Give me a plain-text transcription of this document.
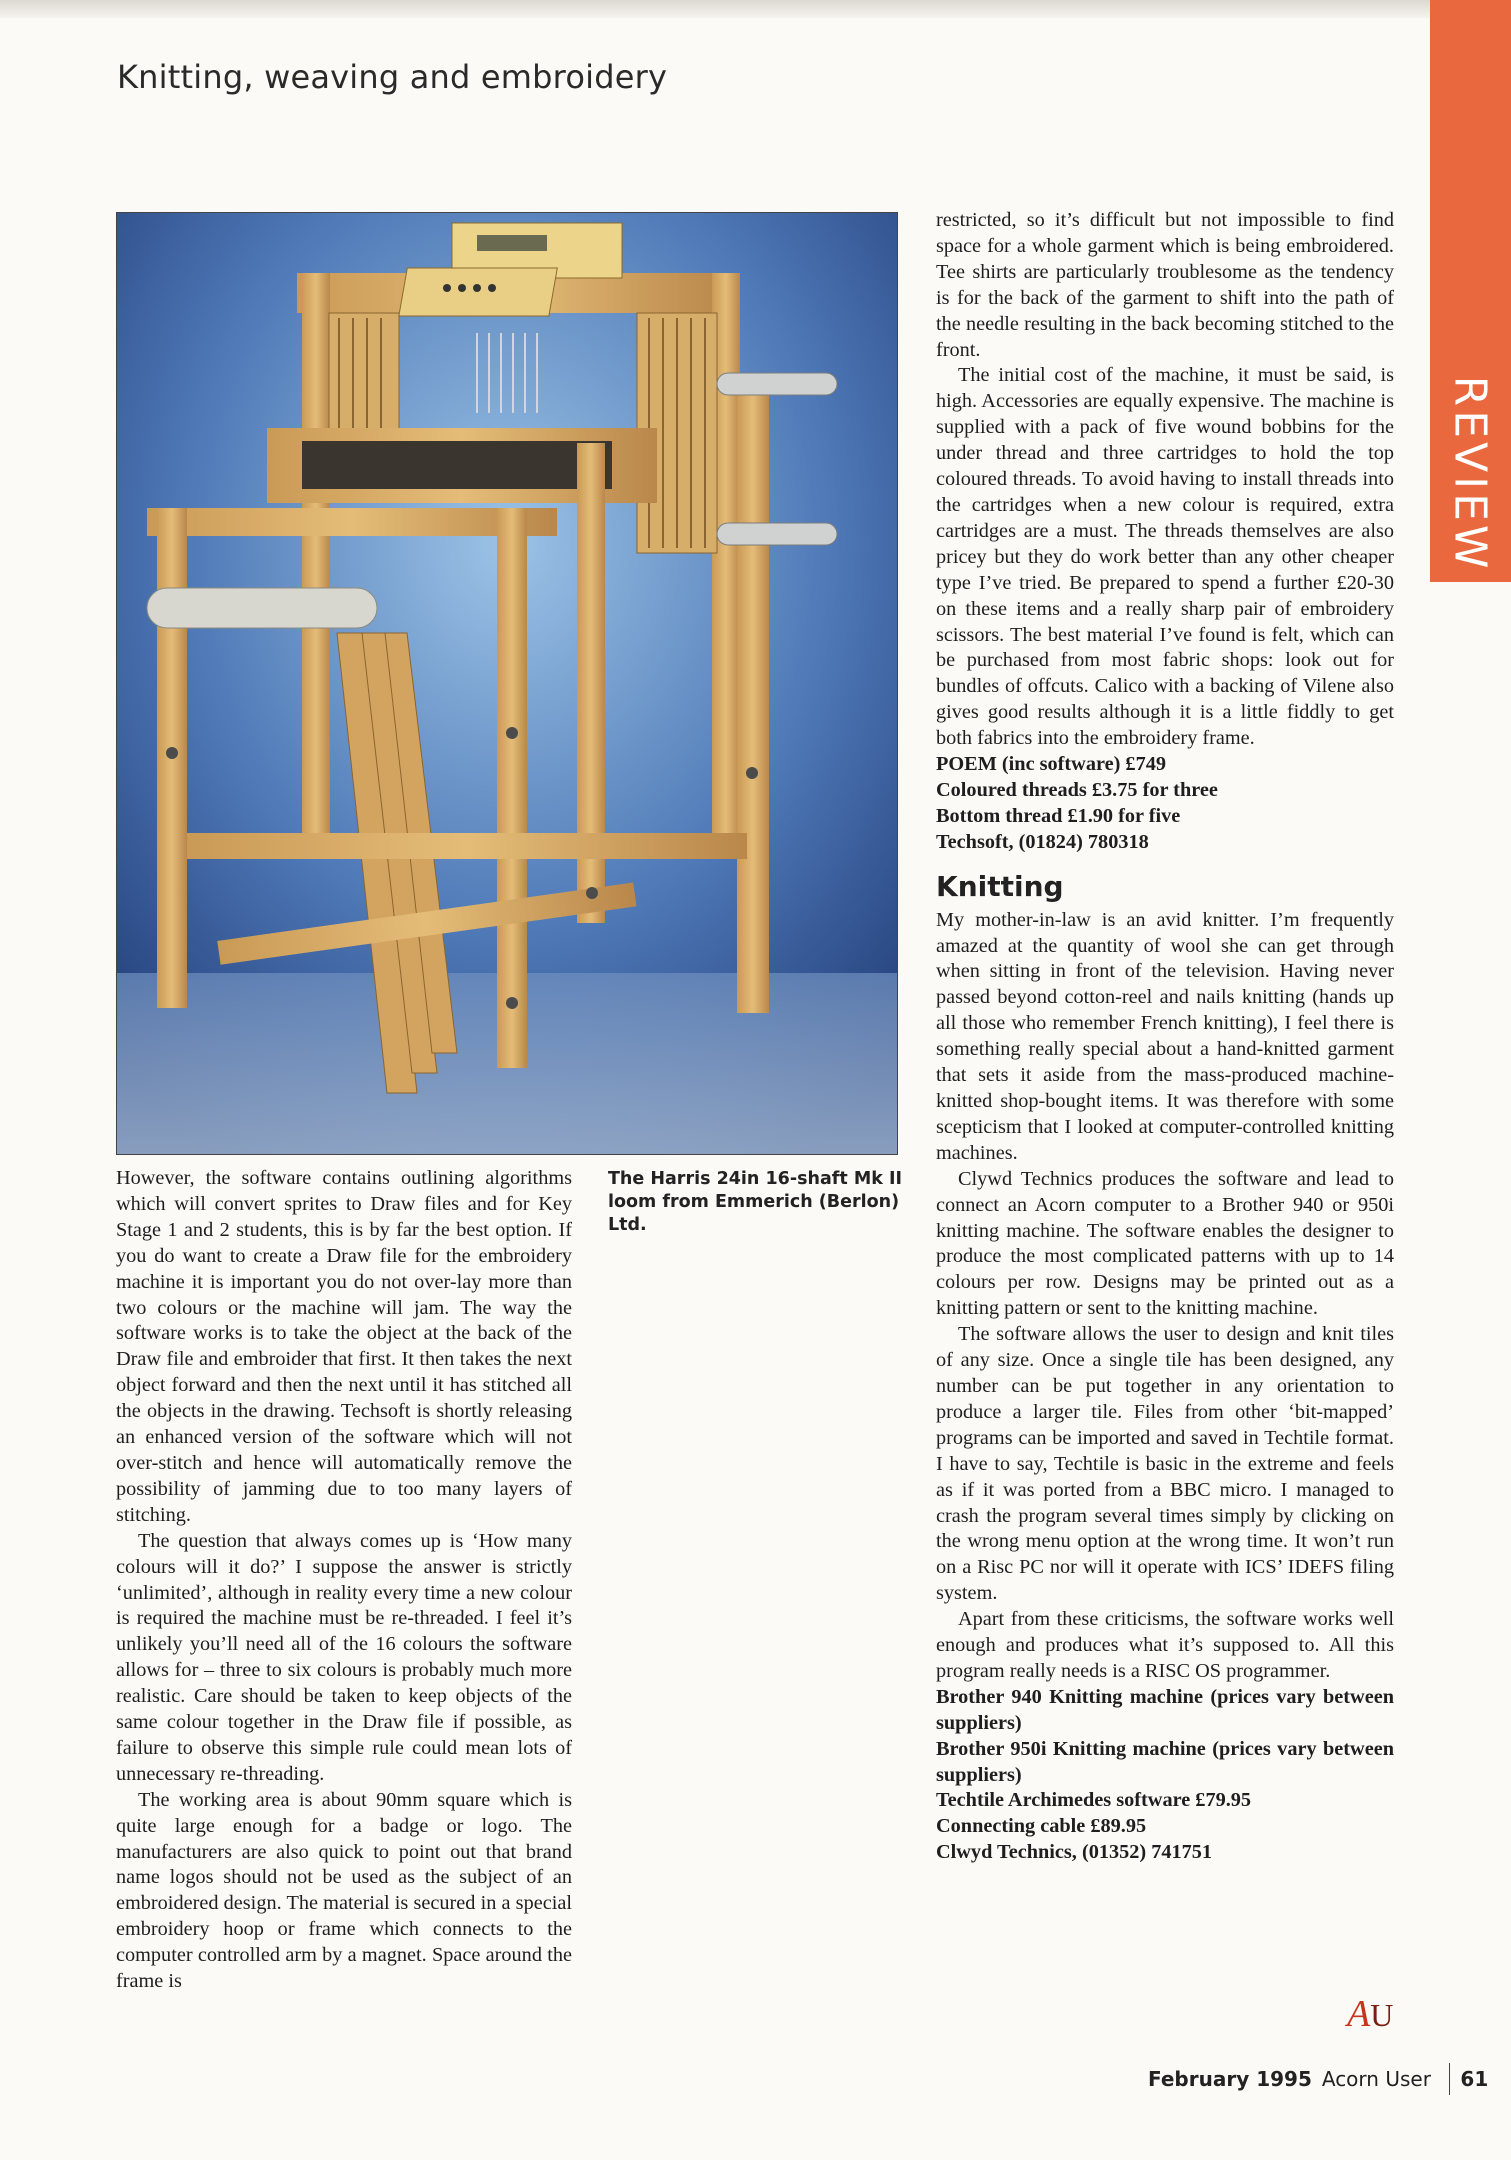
Knitting, weaving and embroidery
REVIEW
The Harris 24in 16-shaft Mk II loom from Emmerich (Berlon) Ltd.

However, the software contains outlining algorithms which will convert sprites to Draw files and for Key Stage 1 and 2 students, this is by far the best option. If you do want to create a Draw file for the embroidery machine it is important you do not over-lay more than two colours or the machine will jam. The way the software works is to take the object at the back of the Draw file and embroider that first. It then takes the next object forward and then the next until it has stitched all the objects in the drawing. Techsoft is shortly releasing an enhanced version of the software which will not over-stitch and hence will automatically remove the possibility of jamming due to too many layers of stitching.

The question that always comes up is ‘How many colours will it do?’ I suppose the answer is strictly ‘unlimited’, although in reality every time a new colour is required the machine must be re-threaded. I feel it’s unlikely you’ll need all of the 16 colours the software allows for – three to six colours is probably much more realistic. Care should be taken to keep objects of the same colour together in the Draw file if possible, as failure to observe this simple rule could mean lots of unnecessary re-threading.

The working area is about 90mm square which is quite large enough for a badge or logo. The manufacturers are also quick to point out that brand name logos should not be used as the subject of an embroidered design. The material is secured in a special embroidery hoop or frame which connects to the computer controlled arm by a magnet. Space around the frame is

restricted, so it’s difficult but not impossible to find space for a whole garment which is being embroidered. Tee shirts are particularly troublesome as the tendency is for the back of the garment to shift into the path of the needle resulting in the back becoming stitched to the front.

The initial cost of the machine, it must be said, is high. Accessories are equally expensive. The machine is supplied with a pack of five wound bobbins for the under thread and three cartridges to hold the top coloured threads. To avoid having to install threads into the cartridges when a new colour is required, extra cartridges are a must. The threads themselves are also pricey but they do work better than any other cheaper type I’ve tried. Be prepared to spend a further £20-30 on these items and a really sharp pair of embroidery scissors. The best material I’ve found is felt, which can be purchased from most fabric shops: look out for bundles of offcuts. Calico with a backing of Vilene also gives good results although it is a little fiddly to get both fabrics into the embroidery frame.

POEM (inc software) £749

Coloured threads £3.75 for three

Bottom thread £1.90 for five

Techsoft, (01824) 780318

Knitting

My mother-in-law is an avid knitter. I’m frequently amazed at the quantity of wool she can get through when sitting in front of the television. Having never passed beyond cotton-reel and nails knitting (hands up all those who remember French knitting), I feel there is something really special about a hand-knitted garment that sets it aside from the mass-produced machine-knitted shop-bought items. It was therefore with some scepticism that I looked at computer-controlled knitting machines.

Clywd Technics produces the software and lead to connect an Acorn computer to a Brother 940 or 950i knitting machine. The software enables the designer to produce the most complicated patterns with up to 14 colours per row. Designs may be printed out as a knitting pattern or sent to the knitting machine.

The software allows the user to design and knit tiles of any size. Once a single tile has been designed, any number can be put together in any orientation to produce a larger tile. Files from other ‘bit-mapped’ programs can be imported and saved in Techtile format. I have to say, Techtile is basic in the extreme and feels as if it was ported from a BBC micro. I managed to crash the program several times simply by clicking on the wrong menu option at the wrong time. It won’t run on a Risc PC nor will it operate with ICS’ IDEFS filing system.

Apart from these criticisms, the software works well enough and produces what it’s supposed to. All this program really needs is a RISC OS programmer.

Brother 940 Knitting machine (prices vary between suppliers)

Brother 950i Knitting machine (prices vary between suppliers)

Techtile Archimedes software £79.95

Connecting cable £89.95

Clwyd Technics, (01352) 741751

AU
February 1995 Acorn User 61
